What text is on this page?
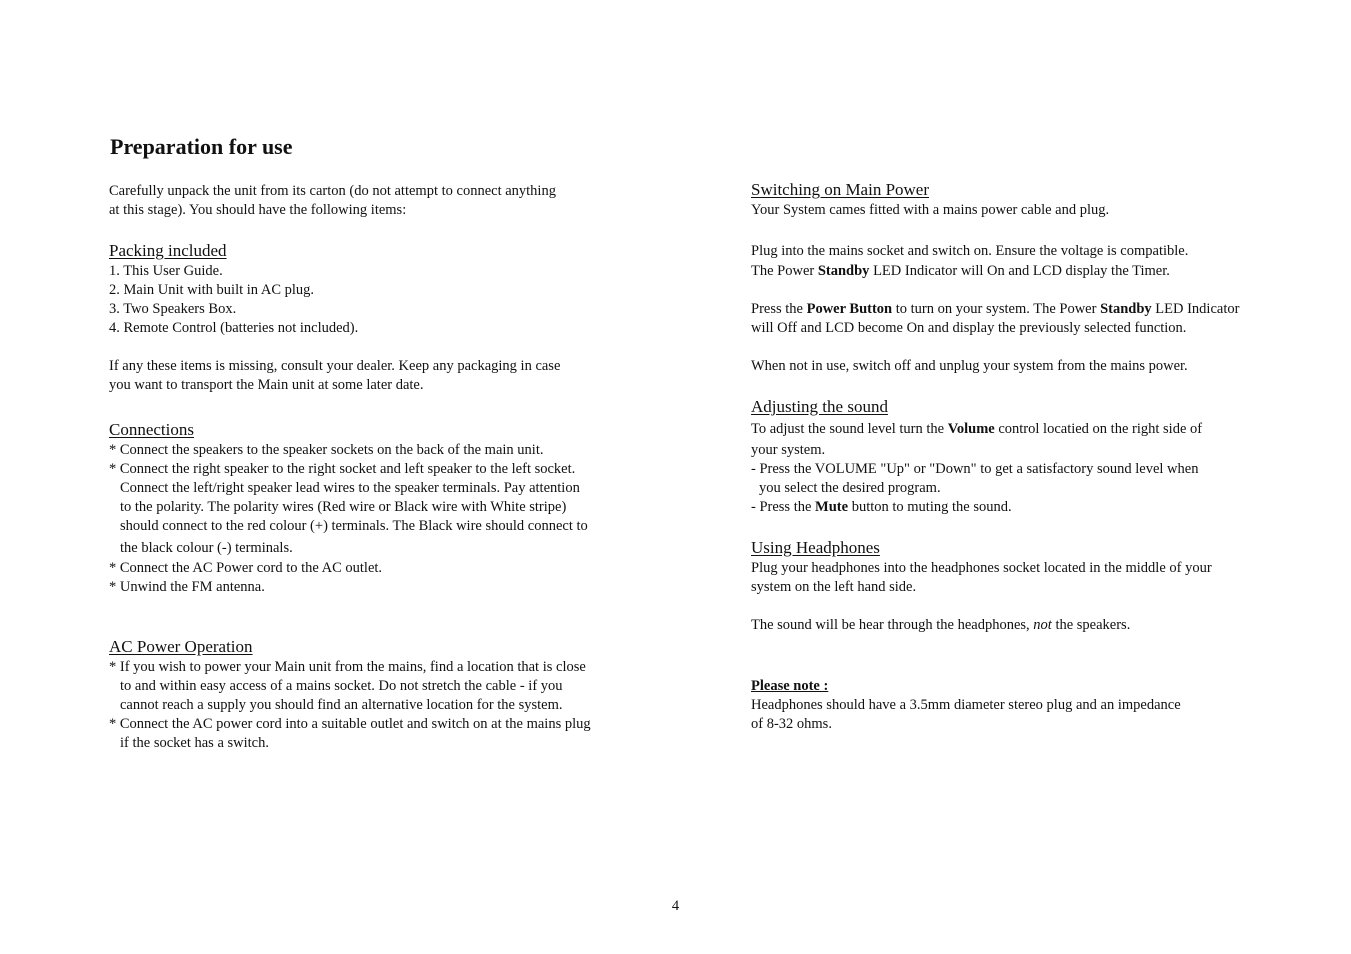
Preparation for use
Carefully unpack the unit from its carton (do not attempt to connect anything
at this stage). You should have the following items:
Packing included
1. This User Guide.
2. Main Unit with built in AC plug.
3. Two Speakers Box.
4. Remote Control (batteries not included).
If any these items is missing, consult your dealer. Keep any packaging in case
you want to transport the Main unit at some later date.
Connections
* Connect the speakers to the speaker sockets on the back of the main unit.
* Connect the right speaker to the right socket and left speaker to the left socket.
Connect the left/right speaker lead wires to the speaker terminals. Pay attention
to the polarity. The polarity wires (Red wire or Black wire with White stripe)
should connect to the red colour (+) terminals. The Black wire should connect to
the black colour (-) terminals.
* Connect the AC Power cord to the AC outlet.
* Unwind the FM antenna.
AC Power Operation
* If you wish to power your Main unit from the mains, find a location that is close
to and within easy access of a mains socket. Do not stretch the cable - if you
cannot reach a supply you should find an alternative location for the system.
* Connect the AC power cord into a suitable outlet and switch on at the mains plug
if the socket has a switch.
Switching on Main Power
Your System cames fitted with a mains power cable and plug.
Plug into the mains socket and switch on. Ensure the voltage is compatible.
The Power Standby LED Indicator will On and LCD display the Timer.
Press the Power Button to turn on your system. The Power Standby LED Indicator
will Off and LCD become On and display the previously selected function.
When not in use, switch off and unplug your system from the mains power.
Adjusting the sound
To adjust the sound level turn the Volume control locatied on the right side of
your system.
- Press the VOLUME "Up" or "Down" to get a satisfactory sound level when
you select the desired program.
- Press the Mute button to muting the sound.
Using Headphones
Plug your headphones into the headphones socket located in the middle of your
system on the left hand side.
The sound will be hear through the headphones, not the speakers.
Please note :
Headphones should have a 3.5mm diameter stereo plug and an impedance
of 8-32 ohms.
4
